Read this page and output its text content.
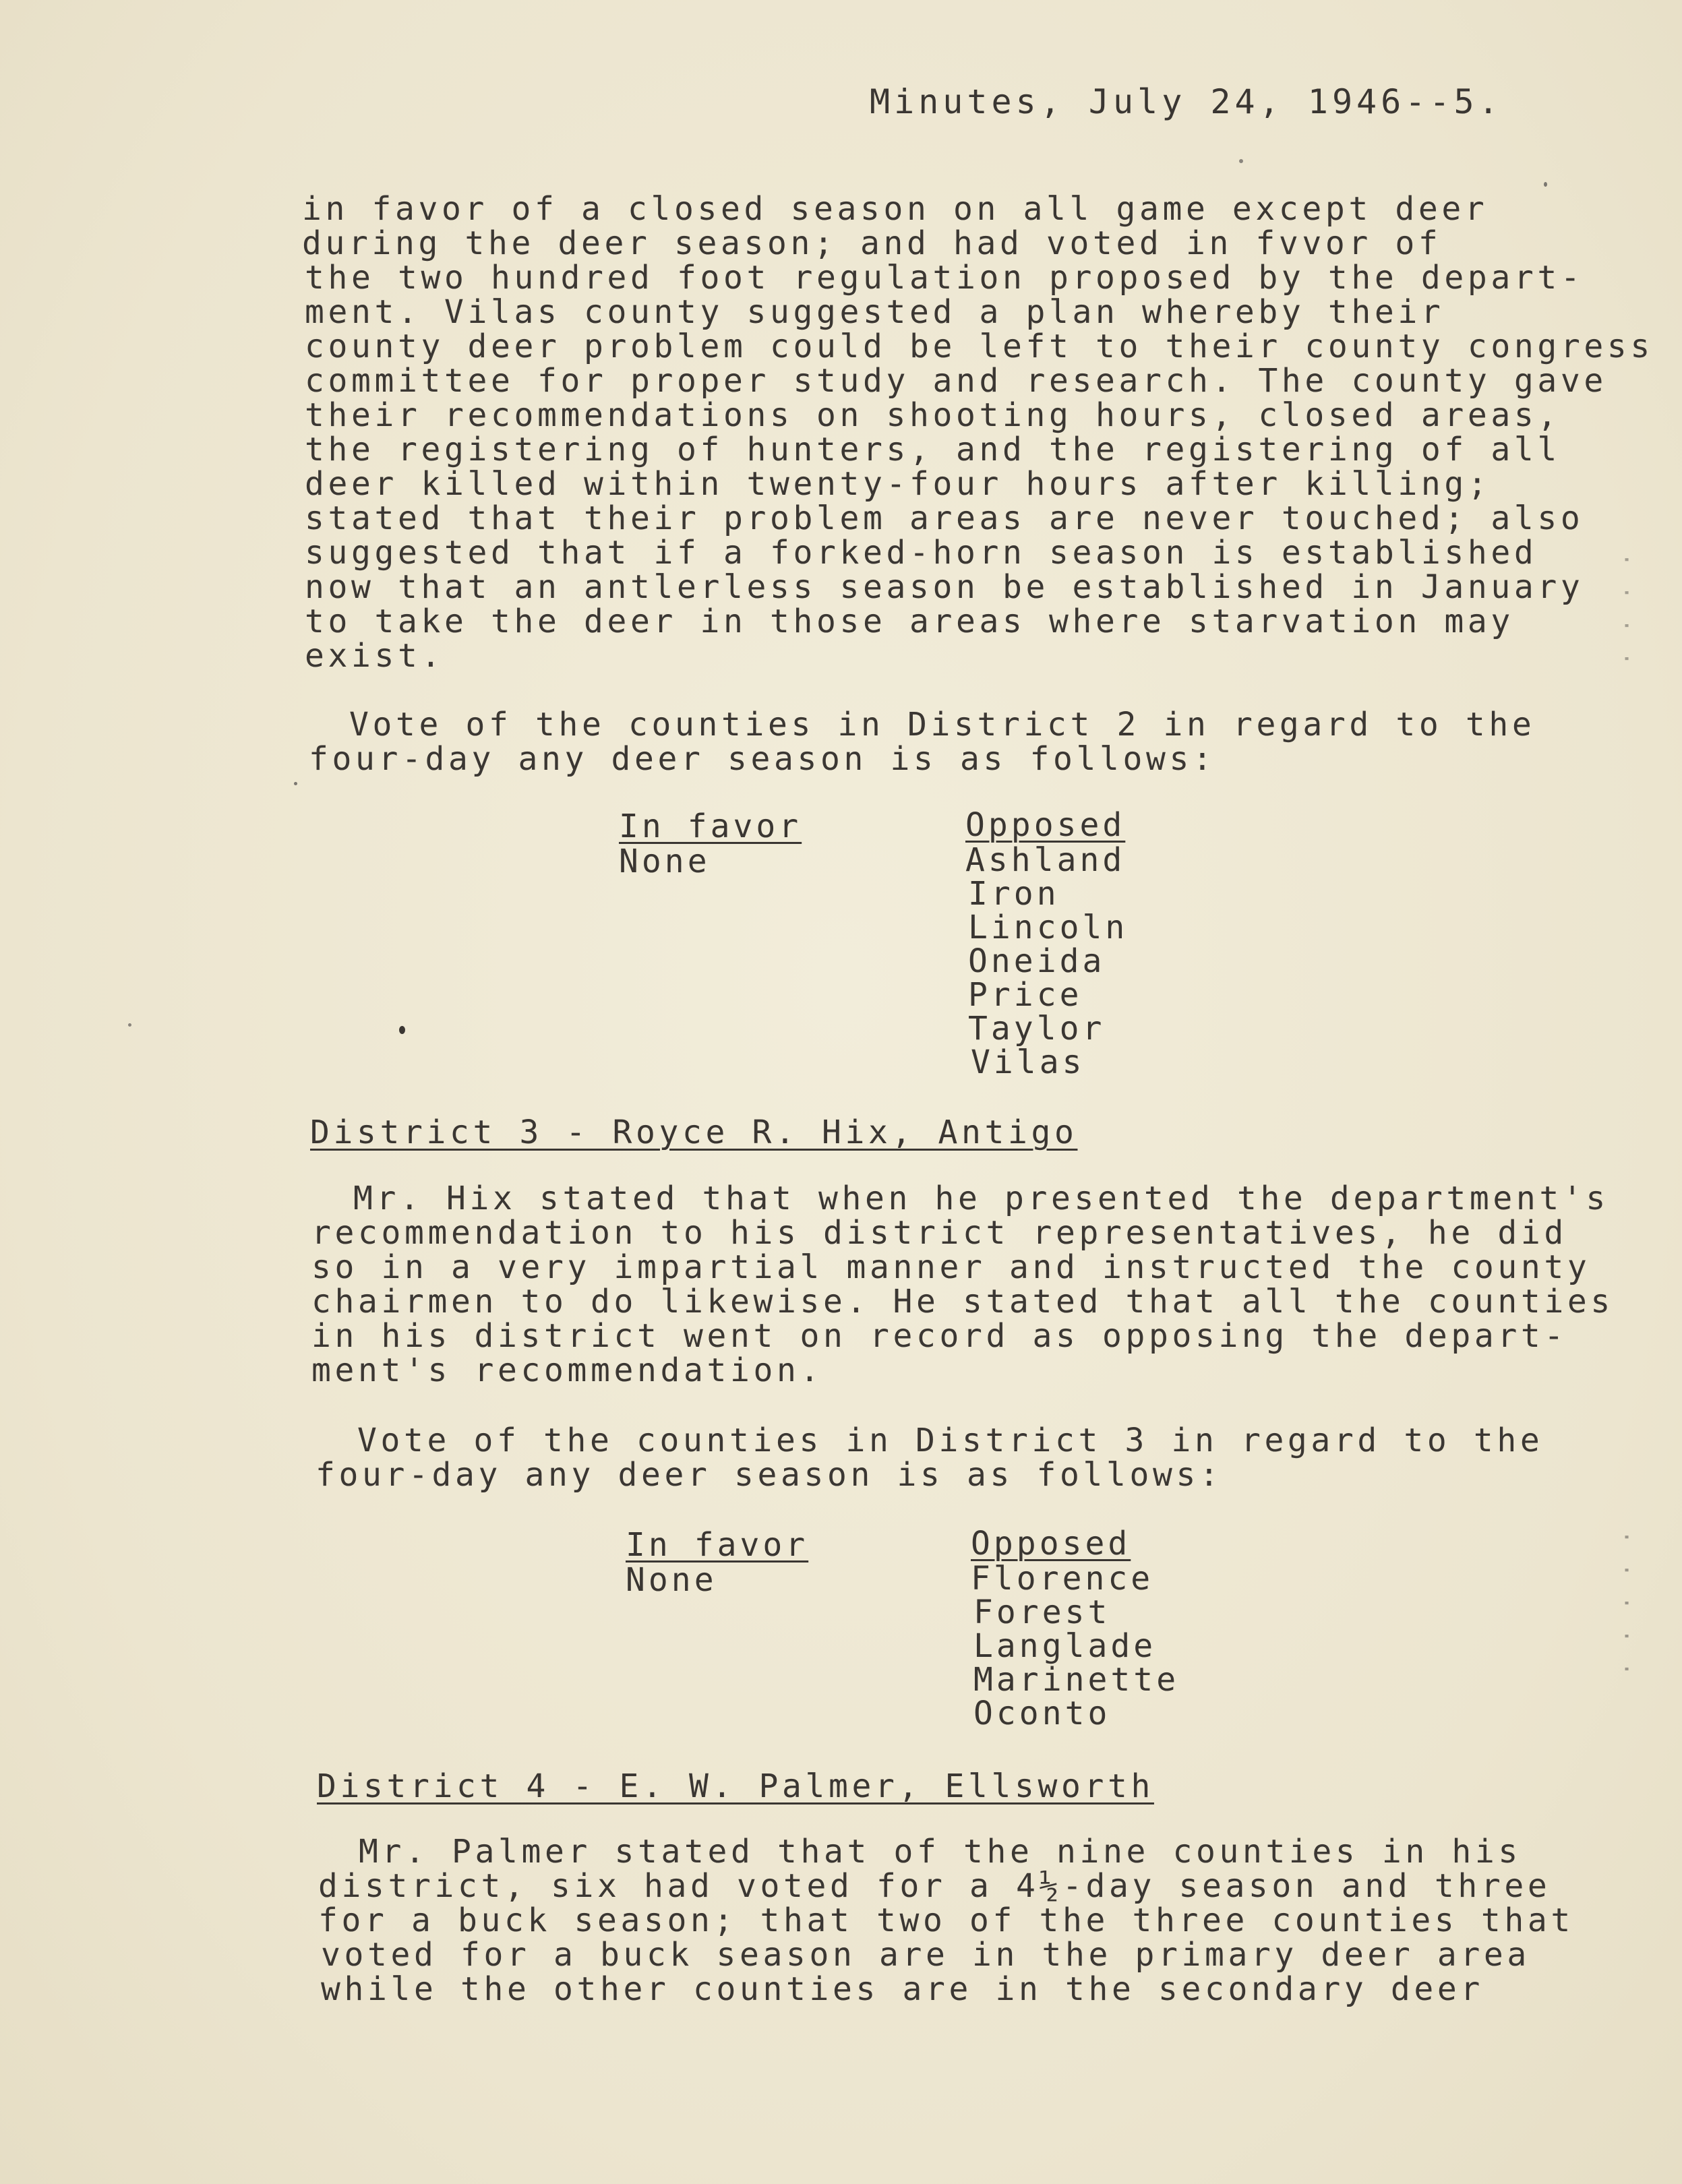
Minutes, July 24, 1946--5.
in favor of a closed season on all game except deer
during the deer season; and had voted in fvvor of
the two hundred foot regulation proposed by the depart-
ment. Vilas county suggested a plan whereby their
county deer problem could be left to their county congress
committee for proper study and research. The county gave
their recommendations on shooting hours, closed areas,
the registering of hunters, and the registering of all
deer killed within twenty-four hours after killing;
stated that their problem areas are never touched; also
suggested that if a forked-horn season is established
now that an antlerless season be established in January
to take the deer in those areas where starvation may
exist.
Vote of the counties in District 2 in regard to the
four-day any deer season is as follows:
In favor
None
Opposed
Ashland
Iron
Lincoln
Oneida
Price
Taylor
Vilas
District 3 - Royce R. Hix, Antigo
Mr. Hix stated that when he presented the department's
recommendation to his district representatives, he did
so in a very impartial manner and instructed the county
chairmen to do likewise. He stated that all the counties
in his district went on record as opposing the depart-
ment's recommendation.
Vote of the counties in District 3 in regard to the
four-day any deer season is as follows:
In favor
None
Opposed
Florence
Forest
Langlade
Marinette
Oconto
District 4 - E. W. Palmer, Ellsworth
Mr. Palmer stated that of the nine counties in his
district, six had voted for a 4½-day season and three
for a buck season; that two of the three counties that
voted for a buck season are in the primary deer area
while the other counties are in the secondary deer
· · · ·
· · · · ·
